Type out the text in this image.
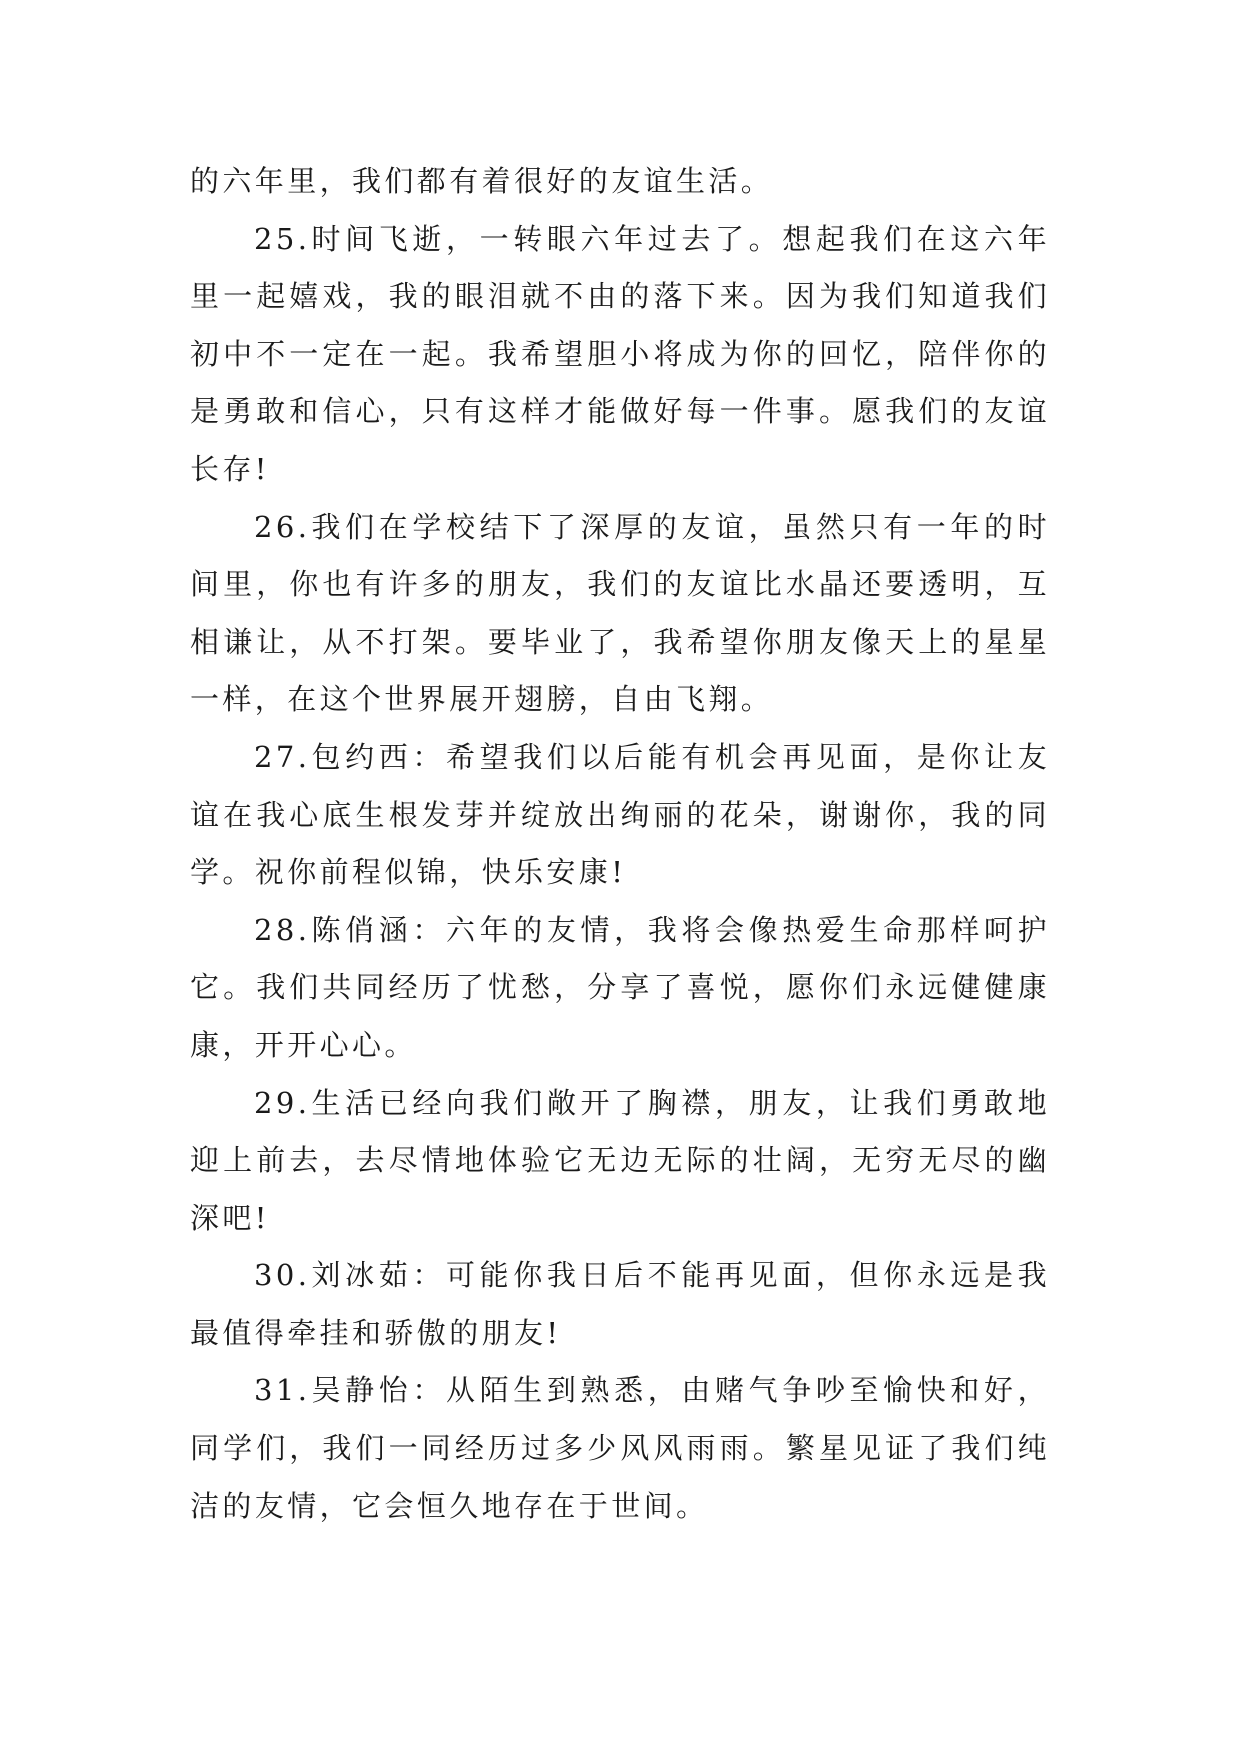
的六年里，我们都有着很好的友谊生活。

25.时间飞逝，一转眼六年过去了。想起我们在这六年里一起嬉戏，我的眼泪就不由的落下来。因为我们知道我们初中不一定在一起。我希望胆小将成为你的回忆，陪伴你的是勇敢和信心，只有这样才能做好每一件事。愿我们的友谊长存!

26.我们在学校结下了深厚的友谊，虽然只有一年的时间里，你也有许多的朋友，我们的友谊比水晶还要透明，互相谦让，从不打架。要毕业了，我希望你朋友像天上的星星一样，在这个世界展开翅膀，自由飞翔。

27.包约西：希望我们以后能有机会再见面，是你让友谊在我心底生根发芽并绽放出绚丽的花朵，谢谢你，我的同学。祝你前程似锦，快乐安康!

28.陈俏涵：六年的友情，我将会像热爱生命那样呵护它。我们共同经历了忧愁，分享了喜悦，愿你们永远健健康康，开开心心。

29.生活已经向我们敞开了胸襟，朋友，让我们勇敢地迎上前去，去尽情地体验它无边无际的壮阔，无穷无尽的幽深吧!

30.刘冰茹：可能你我日后不能再见面，但你永远是我最值得牵挂和骄傲的朋友!

31.吴静怡：从陌生到熟悉，由赌气争吵至愉快和好，同学们，我们一同经历过多少风风雨雨。繁星见证了我们纯洁的友情，它会恒久地存在于世间。
